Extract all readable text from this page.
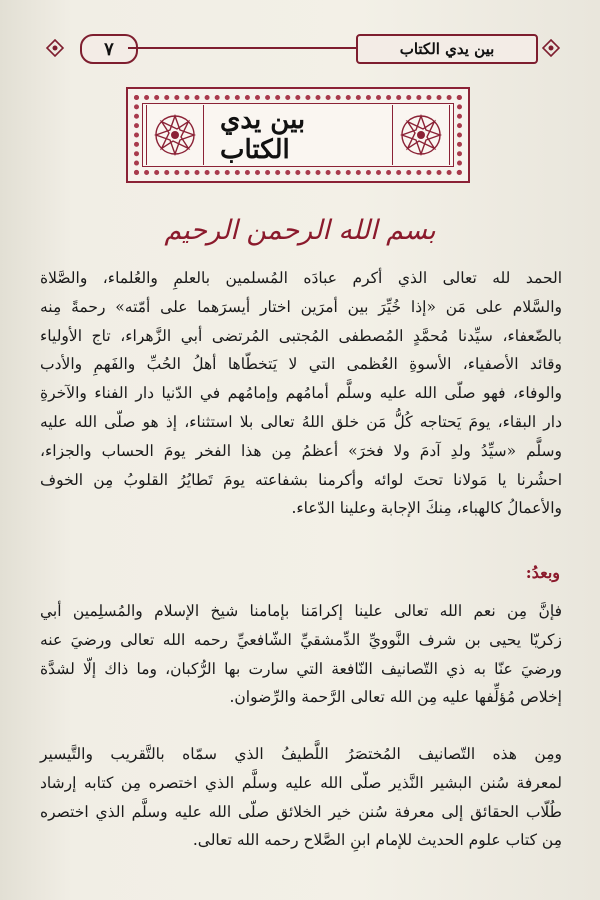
٧	بين يدي الكتاب
بين يدي الكتاب
بسم الله الرحمن الرحيم
الحمد لله تعالى الذي أكرم عبادَه المُسلمين بالعلمِ والعُلماء، والصَّلاة
والسَّلام على مَن «إذا خُيِّرَ بين أمرَين اختار أيسرَهما على أمّته» رحمةً مِنه
بالضّعفاء، سيِّدنا مُحمَّدٍ المُصطفى المُجتبى المُرتضى أبي الزَّهراء، تاج الأولياء
وقائد الأصفياء، الأسوةِ العُظمى التي لا يَتخطّاها أهلُ الحُبِّ والفَهمِ والأدب
والوفاء، فهو صلّى الله عليه وسلَّم أمامُهم وإمامُهم في الدّنيا دار الفناء والآخرةِ
دار البقاء، يومَ يَحتاجه كُلُّ مَن خلق اللهُ تعالى بلا استثناء، إذ هو صلّى الله عليه
وسلَّم «سيِّدُ ولدِ آدمَ ولا فخرَ» أعظمُ مِن هذا الفخر يومَ الحساب والجزاء،
احشُرنا يا مَولانا تحتَ لوائه وأكرمنا بشفاعته يومَ تَطايُرُ القلوبُ مِن الخوف
والأعمالُ كالهباء، مِنكَ الإجابة وعلينا الدّعاء.
وبعدُ:
فإنَّ مِن نعم الله تعالى علينا إكرامَنا بإمامنا شيخ الإسلام والمُسلِمين أبي
زكريّا يحيى بن شرف النَّوويِّ الدِّمشقيِّ الشّافعيِّ رحمه الله تعالى ورضيَ عنه
ورضيَ عنّا به ذي التّصانيف النّافعة التي سارت بها الرُّكبان، وما ذاك إلّا لشدَّة
إخلاص مُؤلِّفها عليه مِن الله تعالى الرَّحمة والرِّضوان.
ومِن هذه التّصانيف المُختصَرُ اللَّطيفُ الذي سمّاه بالتَّقريب والتَّيسير
لمعرفة سُنن البشير النَّذير صلّى الله عليه وسلَّم الذي اختصره مِن كتابه إرشاد
طُلّاب الحقائق إلى معرفة سُنن خير الخلائق صلّى الله عليه وسلَّم الذي اختصره
مِن كتاب علوم الحديث للإمام ابنِ الصَّلاح رحمه الله تعالى.
